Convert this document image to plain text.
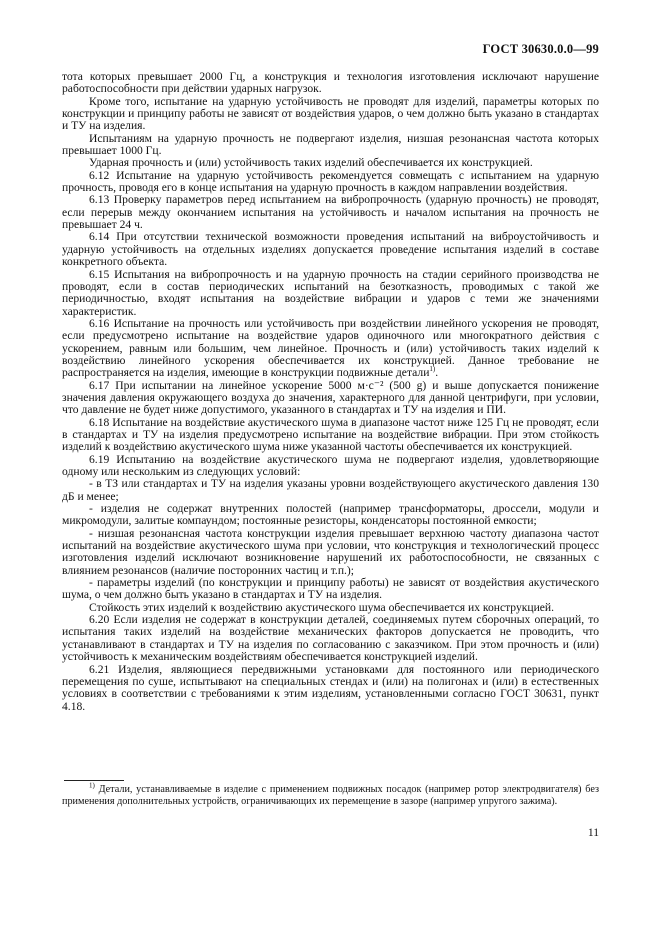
ГОСТ 30630.0.0—99

тота которых превышает 2000 Гц, а конструкция и технология изготовления исключают нарушение работоспособности при действии ударных нагрузок.

Кроме того, испытание на ударную устойчивость не проводят для изделий, параметры которых по конструкции и принципу работы не зависят от воздействия ударов, о чем должно быть указано в стандартах и ТУ на изделия.

Испытаниям на ударную прочность не подвергают изделия, низшая резонансная частота которых превышает 1000 Гц.

Ударная прочность и (или) устойчивость таких изделий обеспечивается их конструкцией.

6.12 Испытание на ударную устойчивость рекомендуется совмещать с испытанием на ударную прочность, проводя его в конце испытания на ударную прочность в каждом направлении воздействия.

6.13 Проверку параметров перед испытанием на вибропрочность (ударную прочность) не проводят, если перерыв между окончанием испытания на устойчивость и началом испытания на прочность не превышает 24 ч.

6.14 При отсутствии технической возможности проведения испытаний на виброустойчивость и ударную устойчивость на отдельных изделиях допускается проведение испытания изделий в составе конкретного объекта.

6.15 Испытания на вибропрочность и на ударную прочность на стадии серийного производства не проводят, если в состав периодических испытаний на безотказность, проводимых с такой же периодичностью, входят испытания на воздействие вибрации и ударов с теми же значениями характеристик.

6.16 Испытание на прочность или устойчивость при воздействии линейного ускорения не проводят, если предусмотрено испытание на воздействие ударов одиночного или многократного действия с ускорением, равным или большим, чем линейное. Прочность и (или) устойчивость таких изделий к воздействию линейного ускорения обеспечивается их конструкцией. Данное требование не распространяется на изделия, имеющие в конструкции подвижные детали$^{1)}$.

6.17 При испытании на линейное ускорение 5000 м·с⁻² (500 g) и выше допускается понижение значения давления окружающего воздуха до значения, характерного для данной центрифуги, при условии, что давление не будет ниже допустимого, указанного в стандартах и ТУ на изделия и ПИ.

6.18 Испытание на воздействие акустического шума в диапазоне частот ниже 125 Гц не проводят, если в стандартах и ТУ на изделия предусмотрено испытание на воздействие вибрации. При этом стойкость изделий к воздействию акустического шума ниже указанной частоты обеспечивается их конструкцией.

6.19 Испытанию на воздействие акустического шума не подвергают изделия, удовлетворяющие одному или нескольким из следующих условий:

- в ТЗ или стандартах и ТУ на изделия указаны уровни воздействующего акустического давления 130 дБ и менее;

- изделия не содержат внутренних полостей (например трансформаторы, дроссели, модули и микромодули, залитые компаундом; постоянные резисторы, конденсаторы постоянной емкости;

- низшая резонансная частота конструкции изделия превышает верхнюю частоту диапазона частот испытаний на воздействие акустического шума при условии, что конструкция и технологический процесс изготовления изделий исключают возникновение нарушений их работоспособности, не связанных с влиянием резонансов (наличие посторонних частиц и т.п.);

- параметры изделий (по конструкции и принципу работы) не зависят от воздействия акустического шума, о чем должно быть указано в стандартах и ТУ на изделия.

Стойкость этих изделий к воздействию акустического шума обеспечивается их конструкцией.

6.20 Если изделия не содержат в конструкции деталей, соединяемых путем сборочных операций, то испытания таких изделий на воздействие механических факторов допускается не проводить, что устанавливают в стандартах и ТУ на изделия по согласованию с заказчиком. При этом прочность и (или) устойчивость к механическим воздействиям обеспечивается конструкцией изделий.

6.21 Изделия, являющиеся передвижными установками для постоянного или периодического перемещения по суше, испытывают на специальных стендах и (или) на полигонах и (или) в естественных условиях в соответствии с требованиями к этим изделиям, установленными согласно ГОСТ 30631, пункт 4.18.

$^{1)}$ Детали, устанавливаемые в изделие с применением подвижных посадок (например ротор электродвигателя) без применения дополнительных устройств, ограничивающих их перемещение в зазоре (например упругого зажима).
11
